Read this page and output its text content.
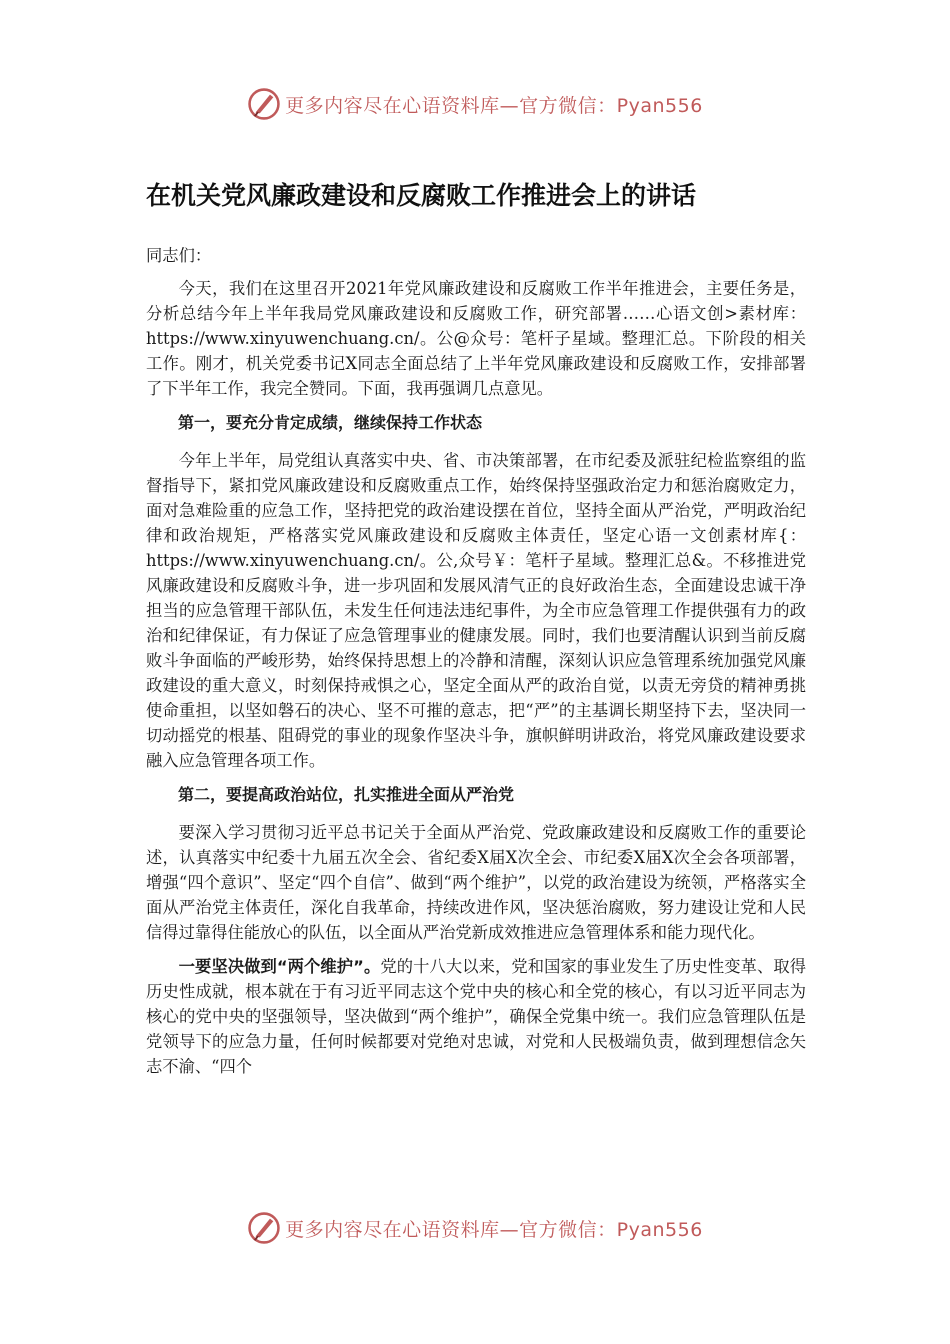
更多内容尽在心语资料库—官方微信：Pyan556
在机关党风廉政建设和反腐败工作推进会上的讲话

同志们：

今天，我们在这里召开2021年党风廉政建设和反腐败工作半年推进会，主要任务是，分析总结今年上半年我局党风廉政建设和反腐败工作，研究部署……心语文创>素材库：https://www.xinyuwenchuang.cn/。公@众号：笔杆子星域。整理汇总。下阶段的相关工作。刚才，机关党委书记X同志全面总结了上半年党风廉政建设和反腐败工作，安排部署了下半年工作，我完全赞同。下面，我再强调几点意见。

第一，要充分肯定成绩，继续保持工作状态

今年上半年，局党组认真落实中央、省、市决策部署，在市纪委及派驻纪检监察组的监督指导下，紧扣党风廉政建设和反腐败重点工作，始终保持坚强政治定力和惩治腐败定力，面对急难险重的应急工作，坚持把党的政治建设摆在首位，坚持全面从严治党，严明政治纪律和政治规矩，严格落实党风廉政建设和反腐败主体责任，坚定心语一文创素材库{：https://www.xinyuwenchuang.cn/。公,众号￥：笔杆子星域。整理汇总&。不移推进党风廉政建设和反腐败斗争，进一步巩固和发展风清气正的良好政治生态，全面建设忠诚干净担当的应急管理干部队伍，未发生任何违法违纪事件，为全市应急管理工作提供强有力的政治和纪律保证，有力保证了应急管理事业的健康发展。同时，我们也要清醒认识到当前反腐败斗争面临的严峻形势，始终保持思想上的冷静和清醒，深刻认识应急管理系统加强党风廉政建设的重大意义，时刻保持戒惧之心，坚定全面从严的政治自觉，以责无旁贷的精神勇挑使命重担，以坚如磐石的决心、坚不可摧的意志，把“严”的主基调长期坚持下去，坚决同一切动摇党的根基、阻碍党的事业的现象作坚决斗争，旗帜鲜明讲政治，将党风廉政建设要求融入应急管理各项工作。

第二，要提高政治站位，扎实推进全面从严治党

要深入学习贯彻习近平总书记关于全面从严治党、党政廉政建设和反腐败工作的重要论述，认真落实中纪委十九届五次全会、省纪委X届X次全会、市纪委X届X次全会各项部署，增强“四个意识”、坚定“四个自信”、做到“两个维护”，以党的政治建设为统领，严格落实全面从严治党主体责任，深化自我革命，持续改进作风，坚决惩治腐败，努力建设让党和人民信得过靠得住能放心的队伍，以全面从严治党新成效推进应急管理体系和能力现代化。

一要坚决做到“两个维护”。党的十八大以来，党和国家的事业发生了历史性变革、取得历史性成就，根本就在于有习近平同志这个党中央的核心和全党的核心，有以习近平同志为核心的党中央的坚强领导，坚决做到“两个维护”，确保全党集中统一。我们应急管理队伍是党领导下的应急力量，任何时候都要对党绝对忠诚，对党和人民极端负责，做到理想信念矢志不渝、“四个

更多内容尽在心语资料库—官方微信：Pyan556
